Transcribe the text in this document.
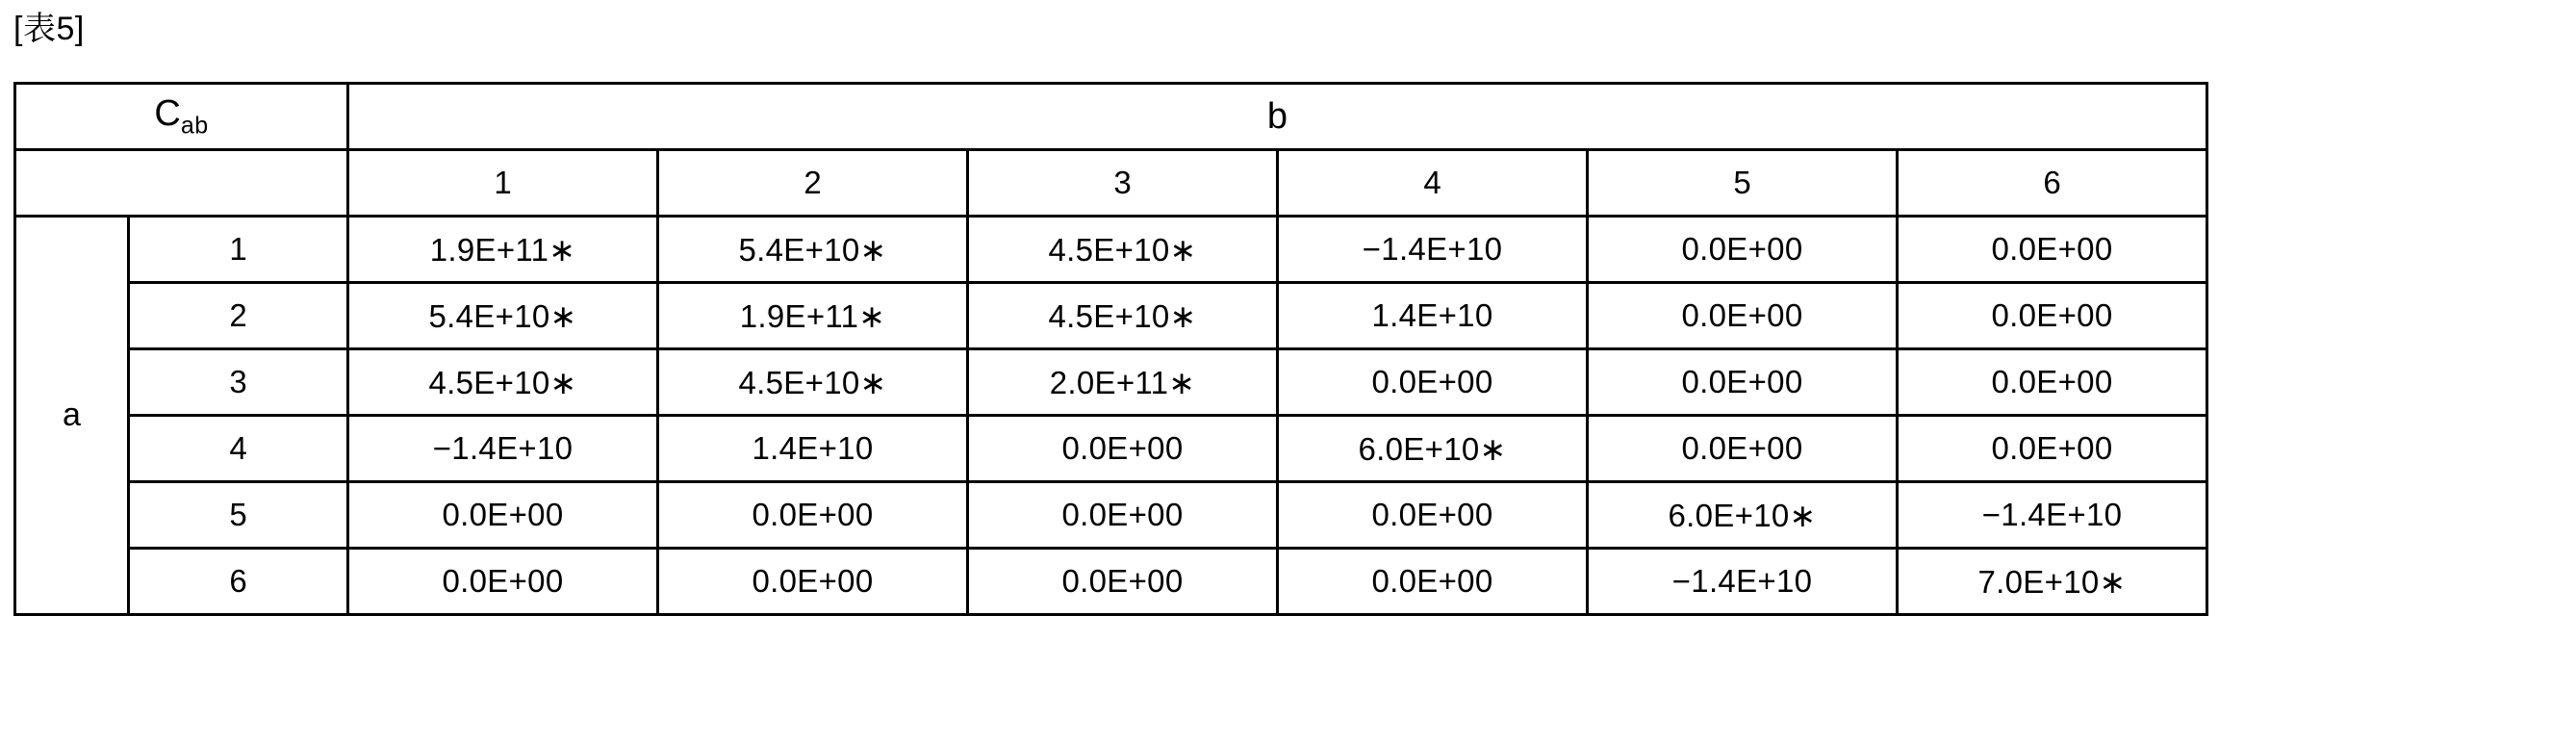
[表5]
$C_{ab}$		b					
		1	2	3	4	5	6
a	1	1.9E+11∗	5.4E+10∗	4.5E+10∗	−1.4E+10	0.0E+00	0.0E+00
	2	5.4E+10∗	1.9E+11∗	4.5E+10∗	1.4E+10	0.0E+00	0.0E+00
	3	4.5E+10∗	4.5E+10∗	2.0E+11∗	0.0E+00	0.0E+00	0.0E+00
	4	−1.4E+10	1.4E+10	0.0E+00	6.0E+10∗	0.0E+00	0.0E+00
	5	0.0E+00	0.0E+00	0.0E+00	0.0E+00	6.0E+10∗	−1.4E+10
	6	0.0E+00	0.0E+00	0.0E+00	0.0E+00	−1.4E+10	7.0E+10∗
